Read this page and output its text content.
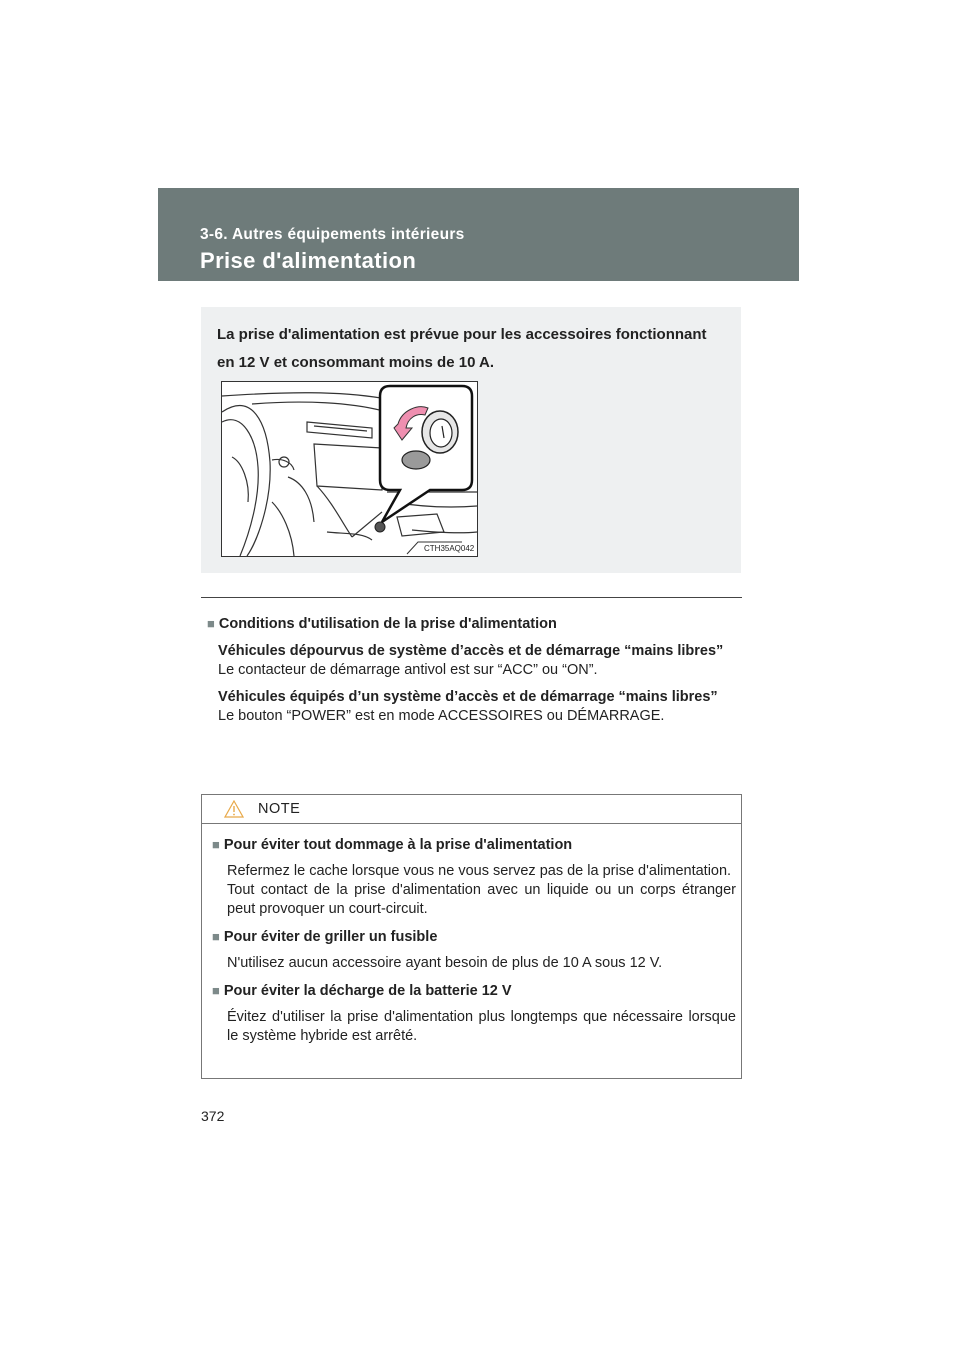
3-6. Autres équipements intérieurs
Prise d'alimentation
La prise d'alimentation est prévue pour les accessoires fonctionnant en 12 V et consommant moins de 10 A.
CTH35AQ042
■ Conditions d'utilisation de la prise d'alimentation
Véhicules dépourvus de système d’accès et de démarrage “mains libres”
Le contacteur de démarrage antivol est sur “ACC” ou “ON”.
Véhicules équipés d’un système d’accès et de démarrage “mains libres”
Le bouton “POWER” est en mode ACCESSOIRES ou DÉMARRAGE.
NOTE
■ Pour éviter tout dommage à la prise d'alimentation
Refermez le cache lorsque vous ne vous servez pas de la prise d'alimentation.
Tout contact de la prise d'alimentation avec un liquide ou un corps étranger peut provoquer un court-circuit.
■ Pour éviter de griller un fusible
N'utilisez aucun accessoire ayant besoin de plus de 10 A sous 12 V.
■ Pour éviter la décharge de la batterie 12 V
Évitez d'utiliser la prise d'alimentation plus longtemps que nécessaire lorsque le système hybride est arrêté.
372
